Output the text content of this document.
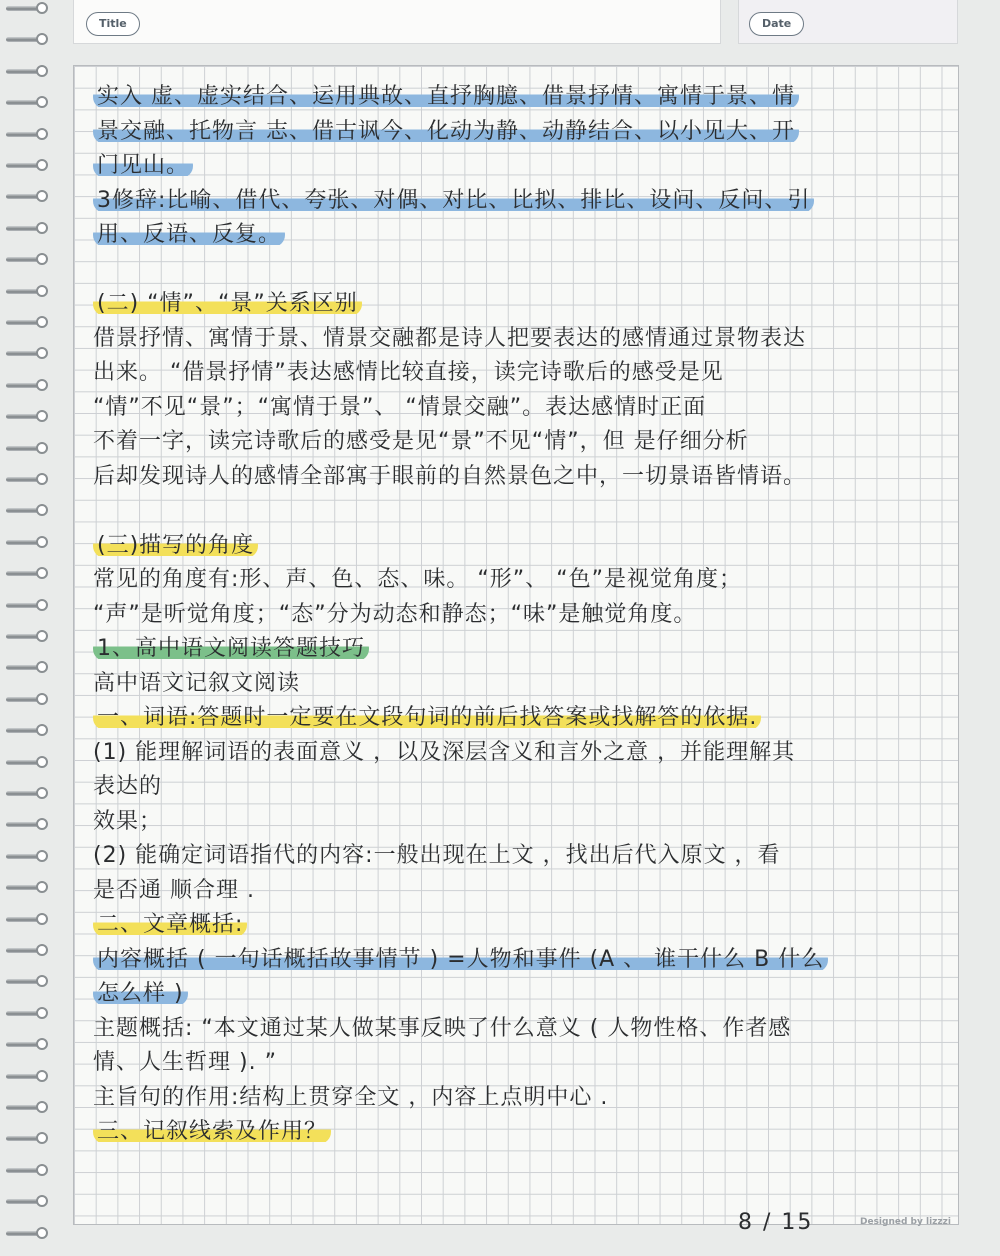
Title	Date
实入 虚、虚实结合、运用典故、直抒胸臆、借景抒情、寓情于景、情
景交融、托物言 志、借古讽今、化动为静、动静结合、以小见大、开
门见山。
3修辞:比喻、借代、夸张、对偶、对比、比拟、排比、设问、反问、引
用、反语、反复。
(二) “情”、“景”关系区别
借景抒情、寓情于景、情景交融都是诗人把要表达的感情通过景物表达
出来。 “借景抒情”表达感情比较直接，读完诗歌后的感受是见
“情”不见“景”；“寓情于景”、 “情景交融”。表达感情时正面
不着一字，读完诗歌后的感受是见“景”不见“情”，但 是仔细分析
后却发现诗人的感情全部寓于眼前的自然景色之中，一切景语皆情语。
(三)描写的角度
常见的角度有:形、声、色、态、味。 “形”、 “色”是视觉角度；
“声”是听觉角度；“态”分为动态和静态；“味”是触觉角度。
1、高中语文阅读答题技巧
高中语文记叙文阅读
一、词语:答题时一定要在文段句词的前后找答案或找解答的依据.
(1) 能理解词语的表面意义 ，以及深层含义和言外之意 ，并能理解其
表达的
效果；
(2) 能确定词语指代的内容:一般出现在上文 ，找出后代入原文 ，看
是否通 顺合理 .
二、文章概括:
内容概括 ( 一句话概括故事情节 ) =人物和事件 (A 、 谁干什么 B 什么
怎么样 )
主题概括: “本文通过某人做某事反映了什么意义 ( 人物性格、作者感
情、人生哲理 ). ”
主旨句的作用:结构上贯穿全文 ，内容上点明中心 .
三、记叙线索及作用？
8 / 15	Designed by lizzzi
